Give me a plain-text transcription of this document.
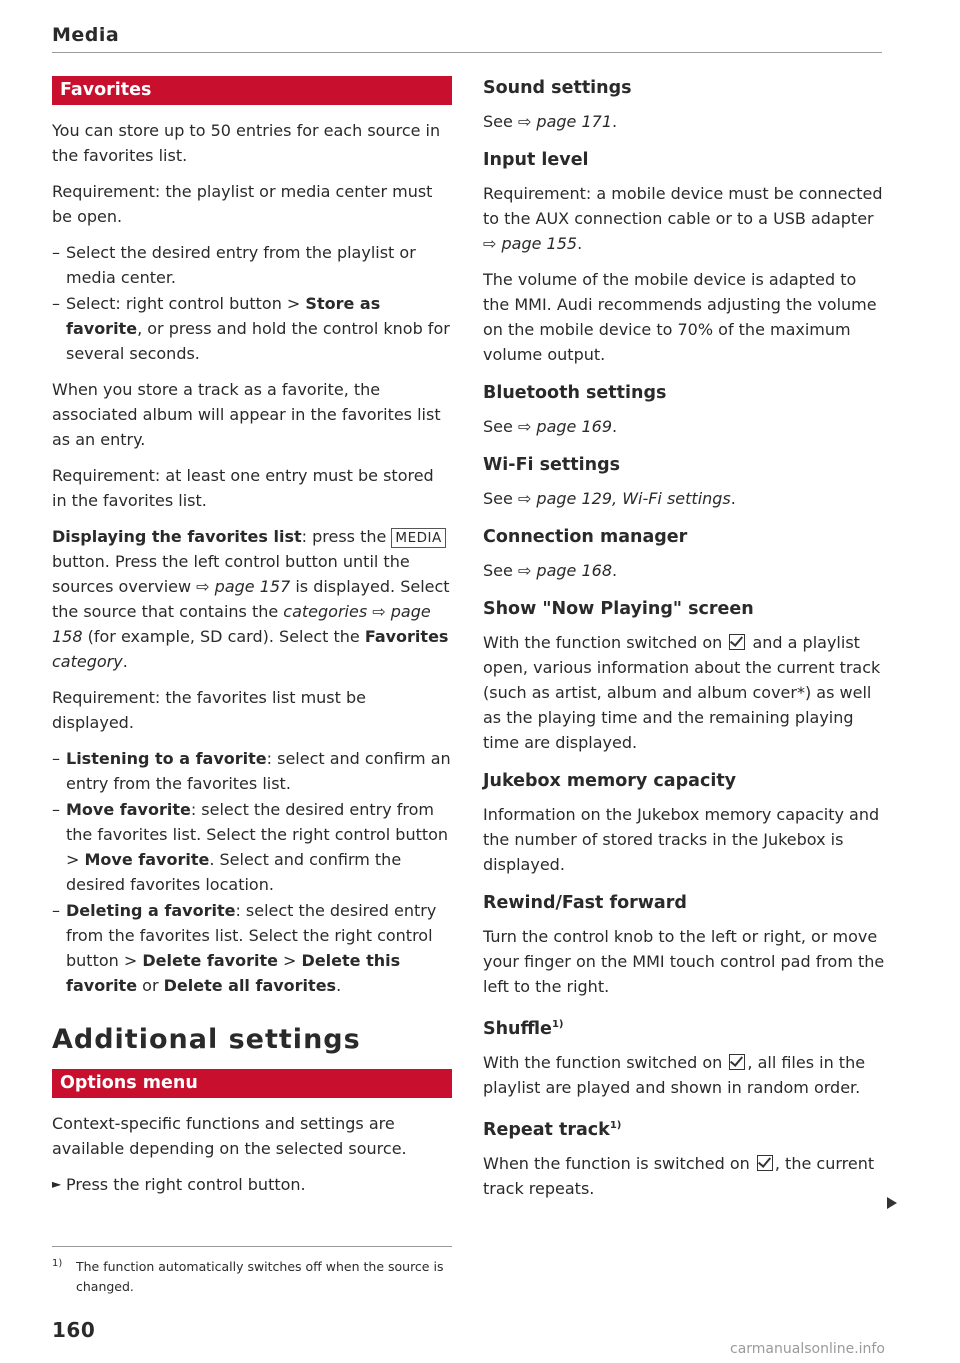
Media
Favorites

You can store up to 50 entries for each source in the favorites list.

Requirement: the playlist or media center must be open.

– Select the desired entry from the playlist or media center.
– Select: right control button > Store as favorite, or press and hold the control knob for several seconds.

When you store a track as a favorite, the associated album will appear in the favorites list as an entry.

Requirement: at least one entry must be stored in the favorites list.

Displaying the favorites list: press the MEDIA button. Press the left control button until the sources overview ⇨ page 157 is displayed. Select the source that contains the categories ⇨ page 158 (for example, SD card). Select the Favorites category.

Requirement: the favorites list must be displayed.

– Listening to a favorite: select and confirm an entry from the favorites list.
– Move favorite: select the desired entry from the favorites list. Select the right control button > Move favorite. Select and confirm the desired favorites location.
– Deleting a favorite: select the desired entry from the favorites list. Select the right control button > Delete favorite > Delete this favorite or Delete all favorites.
Additional settings
Options menu

Context-specific functions and settings are available depending on the selected source.

► Press the right control button.
Sound settings

See ⇨ page 171.

Input level

Requirement: a mobile device must be connected to the AUX connection cable or to a USB adapter ⇨ page 155.

The volume of the mobile device is adapted to the MMI. Audi recommends adjusting the volume on the mobile device to 70% of the maximum volume output.

Bluetooth settings

See ⇨ page 169.

Wi-Fi settings

See ⇨ page 129, Wi-Fi settings.

Connection manager

See ⇨ page 168.

Show "Now Playing" screen

With the function switched on  and a playlist open, various information about the current track (such as artist, album and album cover*) as well as the playing time and the remaining playing time are displayed.

Jukebox memory capacity

Information on the Jukebox memory capacity and the number of stored tracks in the Jukebox is displayed.

Rewind/Fast forward

Turn the control knob to the left or right, or move your finger on the MMI touch control pad from the left to the right.

Shuffle$^{1)}$

With the function switched on , all files in the playlist are played and shown in random order.

Repeat track$^{1)}$

When the function is switched on , the current track repeats.

1)	The function automatically switches off when the source is changed.
160
carmanualsonline.info
